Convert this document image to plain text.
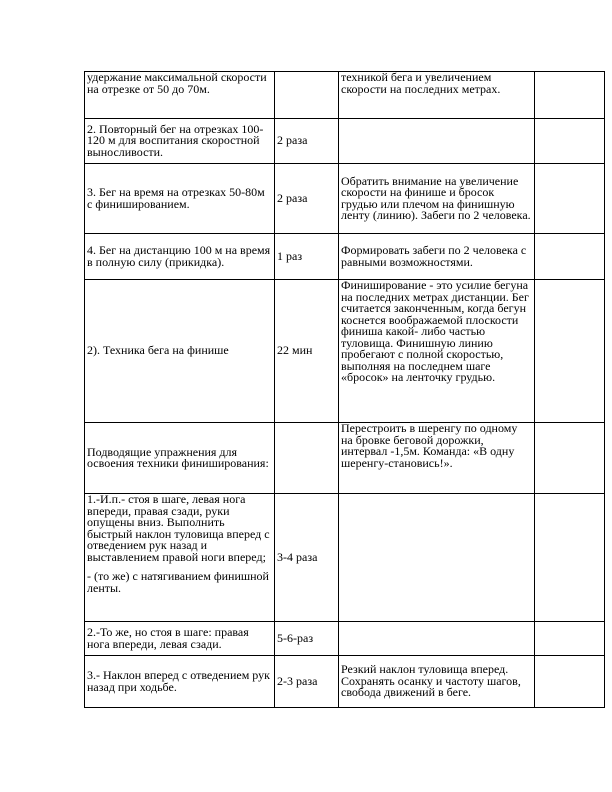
удержание максимальной скорости на отрезке от 50 до 70м.		техникой бега и увеличением скорости на последних метрах.	
2. Повторный бег на отрезках 100-120 м для воспитания скоростной выносливости.	2 раза		
3. Бег на время на отрезках 50-80м с финишированием.	2 раза	Обратить внимание на увеличение скорости на финише и бросок грудью или плечом на финишную ленту (линию). Забеги по 2 человека.	
4. Бег на дистанцию 100 м на время в полную силу (прикидка).	1 раз	Формировать забеги по 2 человека с равными возможностями.	
2). Техника бега на финише	22 мин	Финиширование - это усилие бегуна на последних метрах дистанции. Бег считается законченным, когда бегун коснется воображаемой плоскости финиша какой- либо частью туловища. Финишную линию пробегают с полной скоростью, выполняя на последнем шаге «бросок» на ленточку грудью.	
Подводящие упражнения для освоения техники финиширования:		Перестроить в шеренгу по одному на бровке беговой дорожки, интервал -1,5м. Команда: «В одну шеренгу-становись!».	

1.-И.п.- стоя в шаге, левая нога впереди, правая сзади, руки опущены вниз. Выполнить быстрый наклон туловища вперед с отведением рук назад и выставлением правой ноги вперед;
- (то же) с натягиванием финишной ленты.	3-4 раза		
2.-То же, но стоя в шаге: правая нога впереди, левая сзади.	5-6-раз		
3.- Наклон вперед с отведением рук назад при ходьбе.	2-3 раза	Резкий наклон туловища вперед. Сохранять осанку и частоту шагов, свобода движений в беге.	
